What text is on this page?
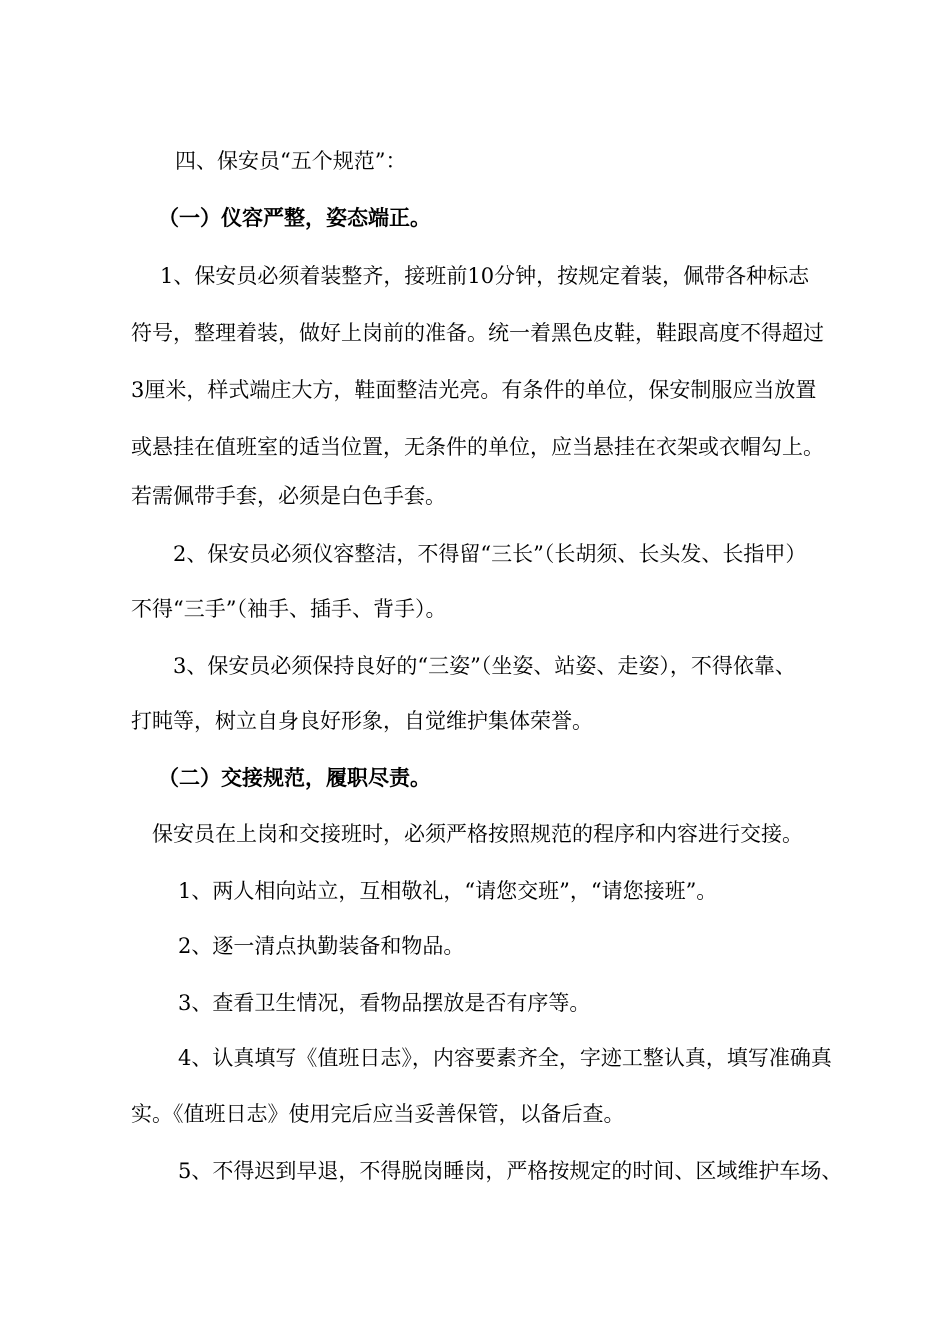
四、保安员“五个规范”：
（一）仪容严整，姿态端正。
1、保安员必须着装整齐，接班前10分钟，按规定着装，佩带各种标志
符号，整理着装，做好上岗前的准备。统一着黑色皮鞋，鞋跟高度不得超过
3厘米，样式端庄大方，鞋面整洁光亮。有条件的单位，保安制服应当放置
或悬挂在值班室的适当位置，无条件的单位，应当悬挂在衣架或衣帽勾上。
若需佩带手套，必须是白色手套。
2、保安员必须仪容整洁，不得留“三长”（长胡须、长头发、长指甲）
不得“三手”（袖手、插手、背手）。
3、保安员必须保持良好的“三姿”（坐姿、站姿、走姿），不得依靠、
打盹等，树立自身良好形象，自觉维护集体荣誉。
（二）交接规范，履职尽责。
保安员在上岗和交接班时，必须严格按照规范的程序和内容进行交接。
1、两人相向站立，互相敬礼，“请您交班”，“请您接班”。
2、逐一清点执勤装备和物品。
3、查看卫生情况，看物品摆放是否有序等。
4、认真填写《值班日志》，内容要素齐全，字迹工整认真，填写准确真
实。《值班日志》使用完后应当妥善保管，以备后查。
5、不得迟到早退，不得脱岗睡岗，严格按规定的时间、区域维护车场、
